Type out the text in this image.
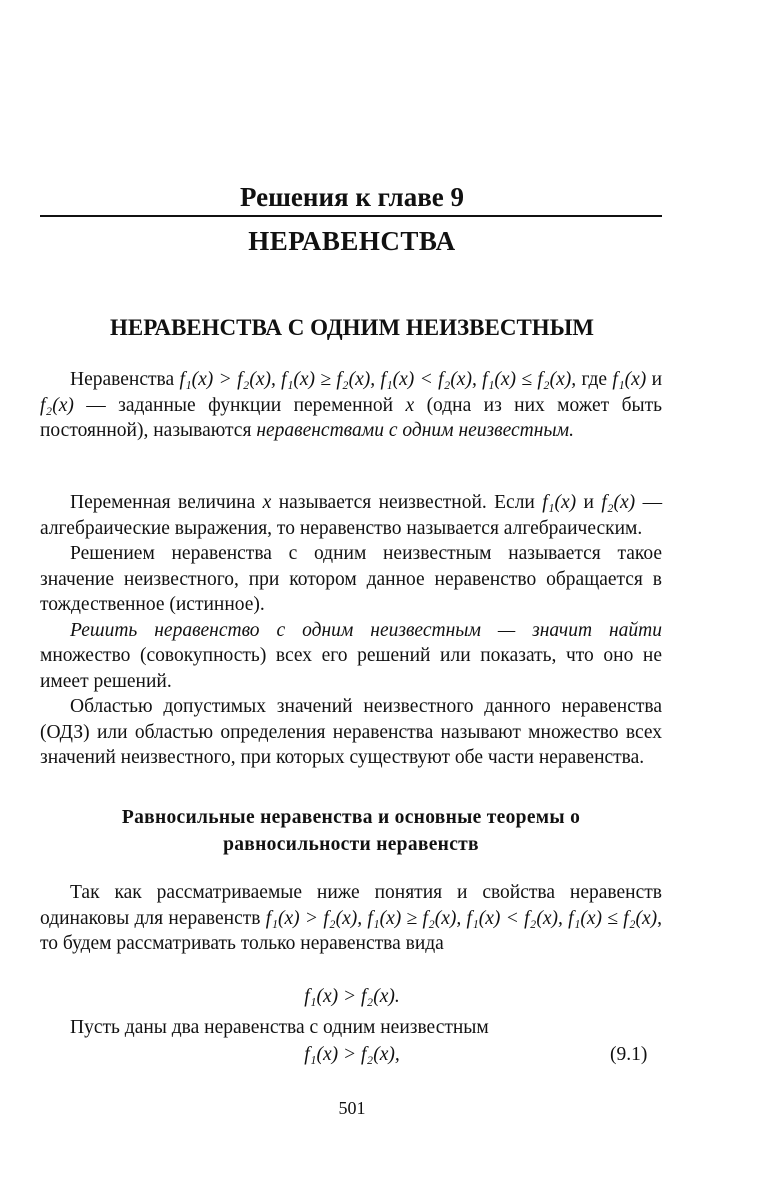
Решения к главе 9
НЕРАВЕНСТВА
НЕРАВЕНСТВА С ОДНИМ НЕИЗВЕСТНЫМ

Неравенства f₁(x) > f₂(x), f₁(x) ≥ f₂(x), f₁(x) < f₂(x), f₁(x) ≤ f₂(x), где f₁(x) и f₂(x) — заданные функции переменной x (одна из них может быть постоянной), называются неравенствами с одним неизвестным.

Переменная величина x называется неизвестной. Если f₁(x) и f₂(x) — алгебраические выражения, то неравенство называется алгебраическим.

Решением неравенства с одним неизвестным называется такое значение неизвестного, при котором данное неравенство обращается в тождественное (истинное).

Решить неравенство с одним неизвестным — значит найти множество (совокупность) всех его решений или показать, что оно не имеет решений.

Областью допустимых значений неизвестного данного неравенства (ОДЗ) или областью определения неравенства называют множество всех значений неизвестного, при которых существуют обе части неравенства.

Равносильные неравенства и основные теоремы о
равносильности неравенств

Так как рассматриваемые ниже понятия и свойства неравенств одинаковы для неравенств f₁(x) > f₂(x), f₁(x) ≥ f₂(x), f₁(x) < f₂(x), f₁(x) ≤ f₂(x), то будем рассматривать только неравенства вида

f₁(x) > f₂(x).

Пусть даны два неравенства с одним неизвестным

f₁(x) > f₂(x),	(9.1)
501
